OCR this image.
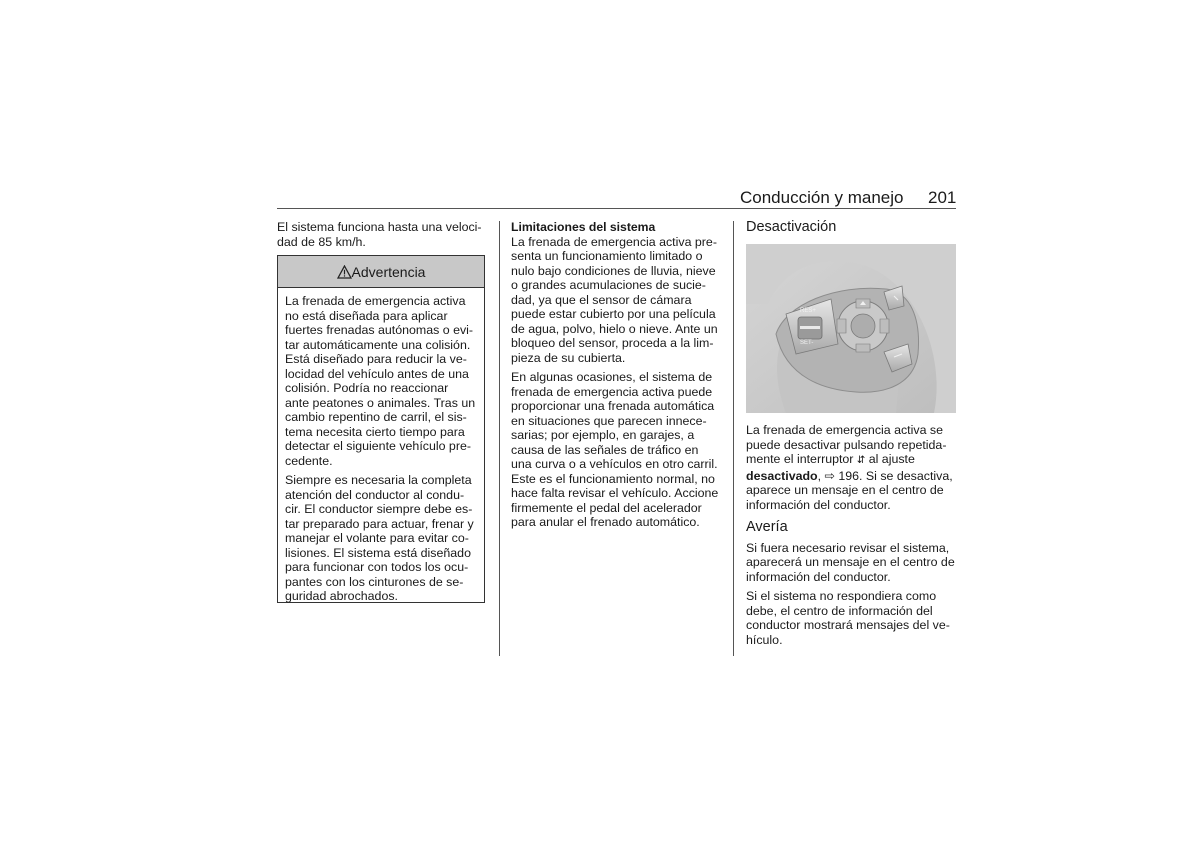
Conducción y manejo 201

El sistema funciona hasta una veloci-
dad de 85 km/h.

Advertencia

La frenada de emergencia activa
no está diseñada para aplicar
fuertes frenadas autónomas o evi-
tar automáticamente una colisión.
Está diseñado para reducir la ve-
locidad del vehículo antes de una
colisión. Podría no reaccionar
ante peatones o animales. Tras un
cambio repentino de carril, el sis-
tema necesita cierto tiempo para
detectar el siguiente vehículo pre-
cedente.

Siempre es necesaria la completa
atención del conductor al condu-
cir. El conductor siempre debe es-
tar preparado para actuar, frenar y
manejar el volante para evitar co-
lisiones. El sistema está diseñado
para funcionar con todos los ocu-
pantes con los cinturones de se-
guridad abrochados.

Limitaciones del sistema

La frenada de emergencia activa pre-
senta un funcionamiento limitado o
nulo bajo condiciones de lluvia, nieve
o grandes acumulaciones de sucie-
dad, ya que el sensor de cámara
puede estar cubierto por una película
de agua, polvo, hielo o nieve. Ante un
bloqueo del sensor, proceda a la lim-
pieza de su cubierta.

En algunas ocasiones, el sistema de
frenada de emergencia activa puede
proporcionar una frenada automática
en situaciones que parecen innece-
sarias; por ejemplo, en garajes, a
causa de las señales de tráfico en
una curva o a vehículos en otro carril.
Este es el funcionamiento normal, no
hace falta revisar el vehículo. Accione
firmemente el pedal del acelerador
para anular el frenado automático.

Desactivación

RES+
SET-

La frenada de emergencia activa se
puede desactivar pulsando repetida-
mente el interruptor ⇵ al ajuste
desactivado, ⇨ 196. Si se desactiva,
aparece un mensaje en el centro de
información del conductor.

Avería

Si fuera necesario revisar el sistema,
aparecerá un mensaje en el centro de
información del conductor.

Si el sistema no respondiera como
debe, el centro de información del
conductor mostrará mensajes del ve-
hículo.
